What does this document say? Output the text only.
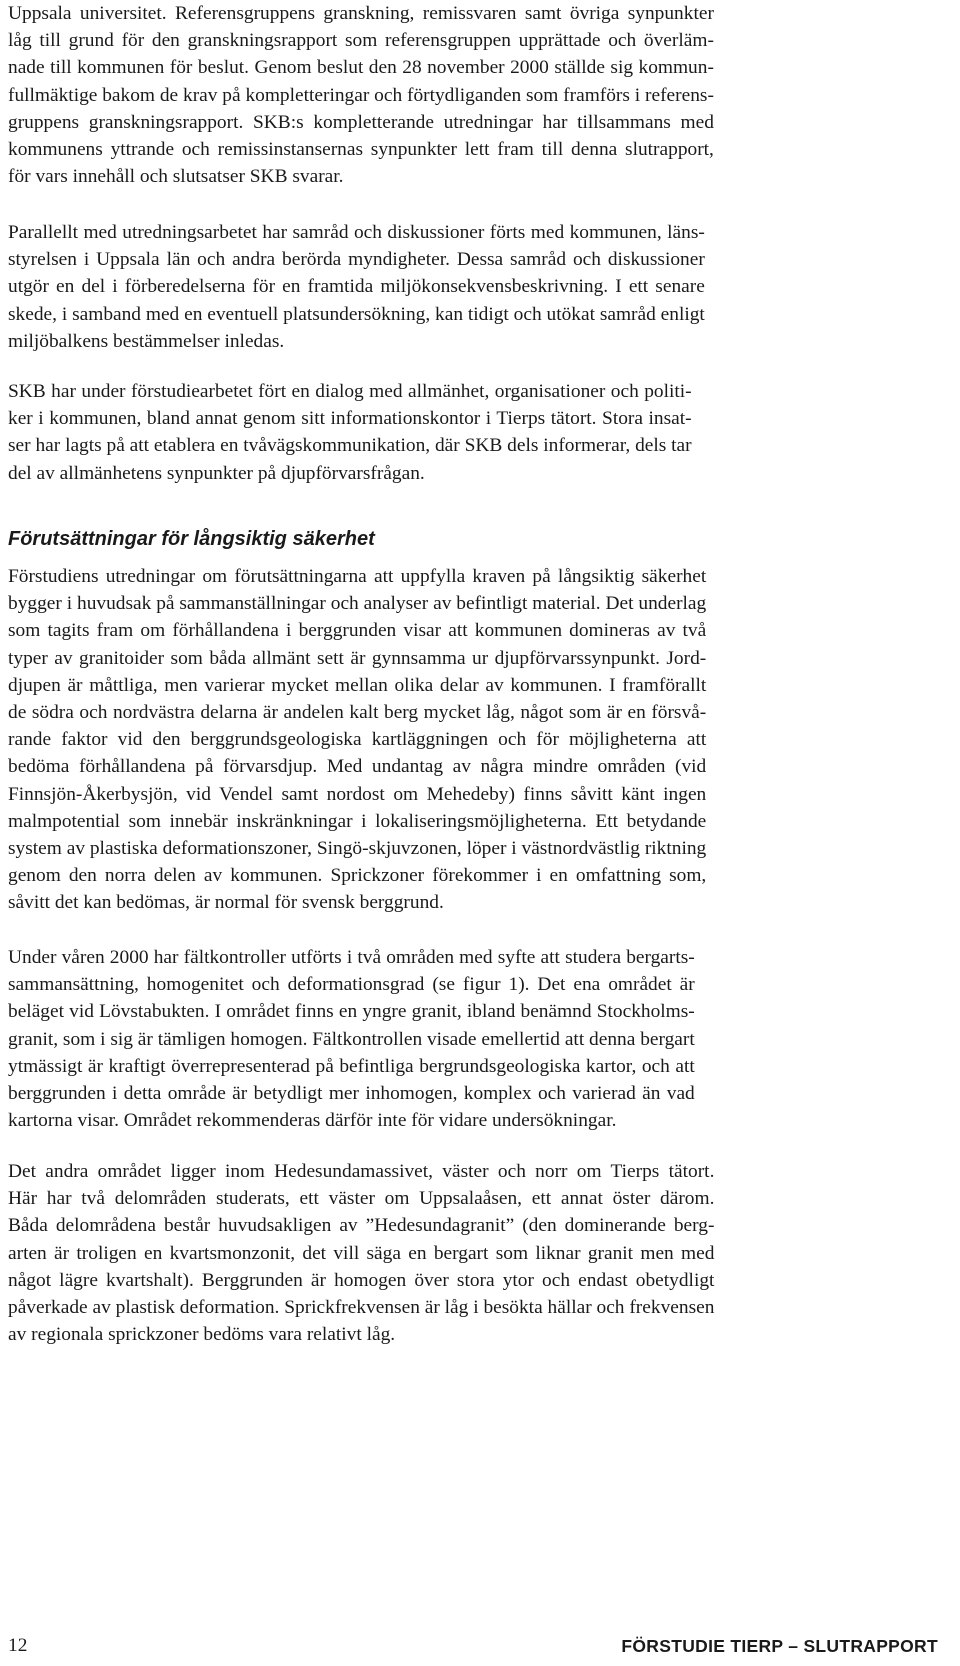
Uppsala universitet. Referensgruppens granskning, remissvaren samt övriga synpunkter
låg till grund för den granskningsrapport som referensgruppen upprättade och överläm-
nade till kommunen för beslut. Genom beslut den 28 november 2000 ställde sig kommun-
fullmäktige bakom de krav på kompletteringar och förtydliganden som framförs i referens-
gruppens granskningsrapport. SKB:s kompletterande utredningar har tillsammans med
kommunens yttrande och remissinstansernas synpunkter lett fram till denna slutrapport,
för vars innehåll och slutsatser SKB svarar.
Parallellt med utredningsarbetet har samråd och diskussioner förts med kommunen, läns-
styrelsen i Uppsala län och andra berörda myndigheter. Dessa samråd och diskussioner
utgör en del i förberedelserna för en framtida miljökonsekvensbeskrivning. I ett senare
skede, i samband med en eventuell platsundersökning, kan tidigt och utökat samråd enligt
miljöbalkens bestämmelser inledas.
SKB har under förstudiearbetet fört en dialog med allmänhet, organisationer och politi-
ker i kommunen, bland annat genom sitt informationskontor i Tierps tätort. Stora insat-
ser har lagts på att etablera en tvåvägskommunikation, där SKB dels informerar, dels tar
del av allmänhetens synpunkter på djupförvarsfrågan.
Förutsättningar för långsiktig säkerhet
Förstudiens utredningar om förutsättningarna att uppfylla kraven på långsiktig säkerhet
bygger i huvudsak på sammanställningar och analyser av befintligt material. Det underlag
som tagits fram om förhållandena i berggrunden visar att kommunen domineras av två
typer av granitoider som båda allmänt sett är gynnsamma ur djupförvarssynpunkt. Jord-
djupen är måttliga, men varierar mycket mellan olika delar av kommunen. I framförallt
de södra och nordvästra delarna är andelen kalt berg mycket låg, något som är en försvå-
rande faktor vid den berggrundsgeologiska kartläggningen och för möjligheterna att
bedöma förhållandena på förvarsdjup. Med undantag av några mindre områden (vid
Finnsjön-Åkerbysjön, vid Vendel samt nordost om Mehedeby) finns såvitt känt ingen
malmpotential som innebär inskränkningar i lokaliseringsmöjligheterna. Ett betydande
system av plastiska deformationszoner, Singö-skjuvzonen, löper i västnordvästlig riktning
genom den norra delen av kommunen. Sprickzoner förekommer i en omfattning som,
såvitt det kan bedömas, är normal för svensk berggrund.
Under våren 2000 har fältkontroller utförts i två områden med syfte att studera bergarts-
sammansättning, homogenitet och deformationsgrad (se figur 1). Det ena området är
beläget vid Lövstabukten. I området finns en yngre granit, ibland benämnd Stockholms-
granit, som i sig är tämligen homogen. Fältkontrollen visade emellertid att denna bergart
ytmässigt är kraftigt överrepresenterad på befintliga bergrundsgeologiska kartor, och att
berggrunden i detta område är betydligt mer inhomogen, komplex och varierad än vad
kartorna visar. Området rekommenderas därför inte för vidare undersökningar.
Det andra området ligger inom Hedesundamassivet, väster och norr om Tierps tätort.
Här har två delområden studerats, ett väster om Uppsalaåsen, ett annat öster därom.
Båda delområdena består huvudsakligen av ”Hedesundagranit” (den dominerande berg-
arten är troligen en kvartsmonzonit, det vill säga en bergart som liknar granit men med
något lägre kvartshalt). Berggrunden är homogen över stora ytor och endast obetydligt
påverkade av plastisk deformation. Sprickfrekvensen är låg i besökta hällar och frekvensen
av regionala sprickzoner bedöms vara relativt låg.
12	FÖRSTUDIE TIERP – SLUTRAPPORT
